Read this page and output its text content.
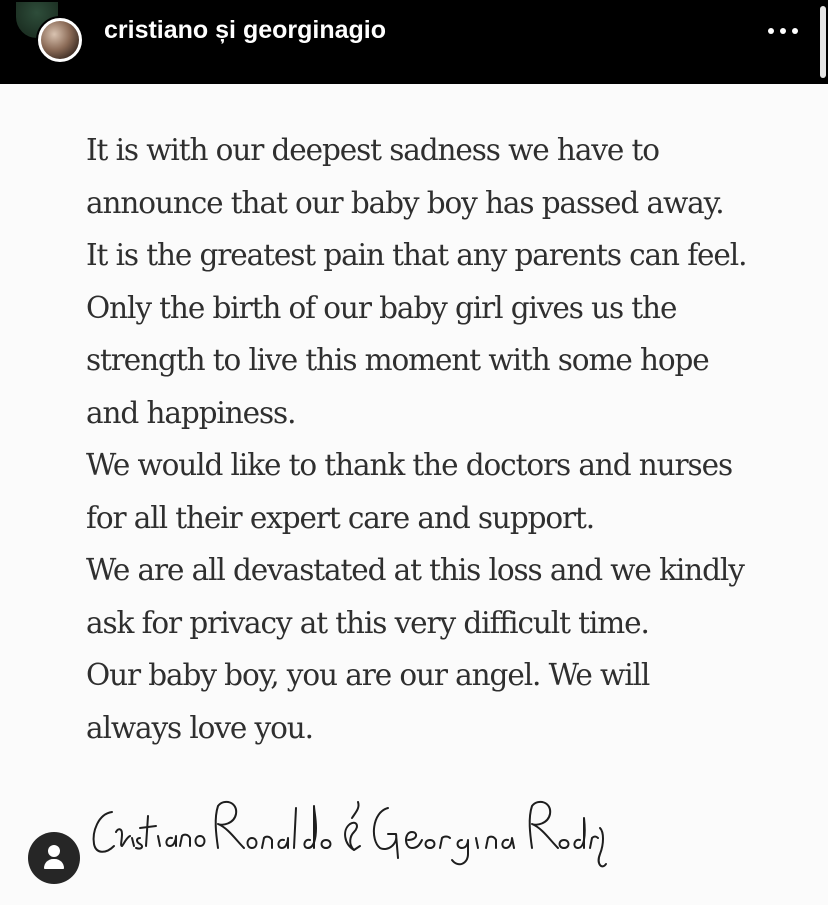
cristiano și georginagio
It is with our deepest sadness we have to
announce that our baby boy has passed away.
It is the greatest pain that any parents can feel.
Only the birth of our baby girl gives us the
strength to live this moment with some hope
and happiness.
We would like to thank the doctors and nurses
for all their expert care and support.
We are all devastated at this loss and we kindly
ask for privacy at this very difficult time.
Our baby boy, you are our angel. We will
always love you.
